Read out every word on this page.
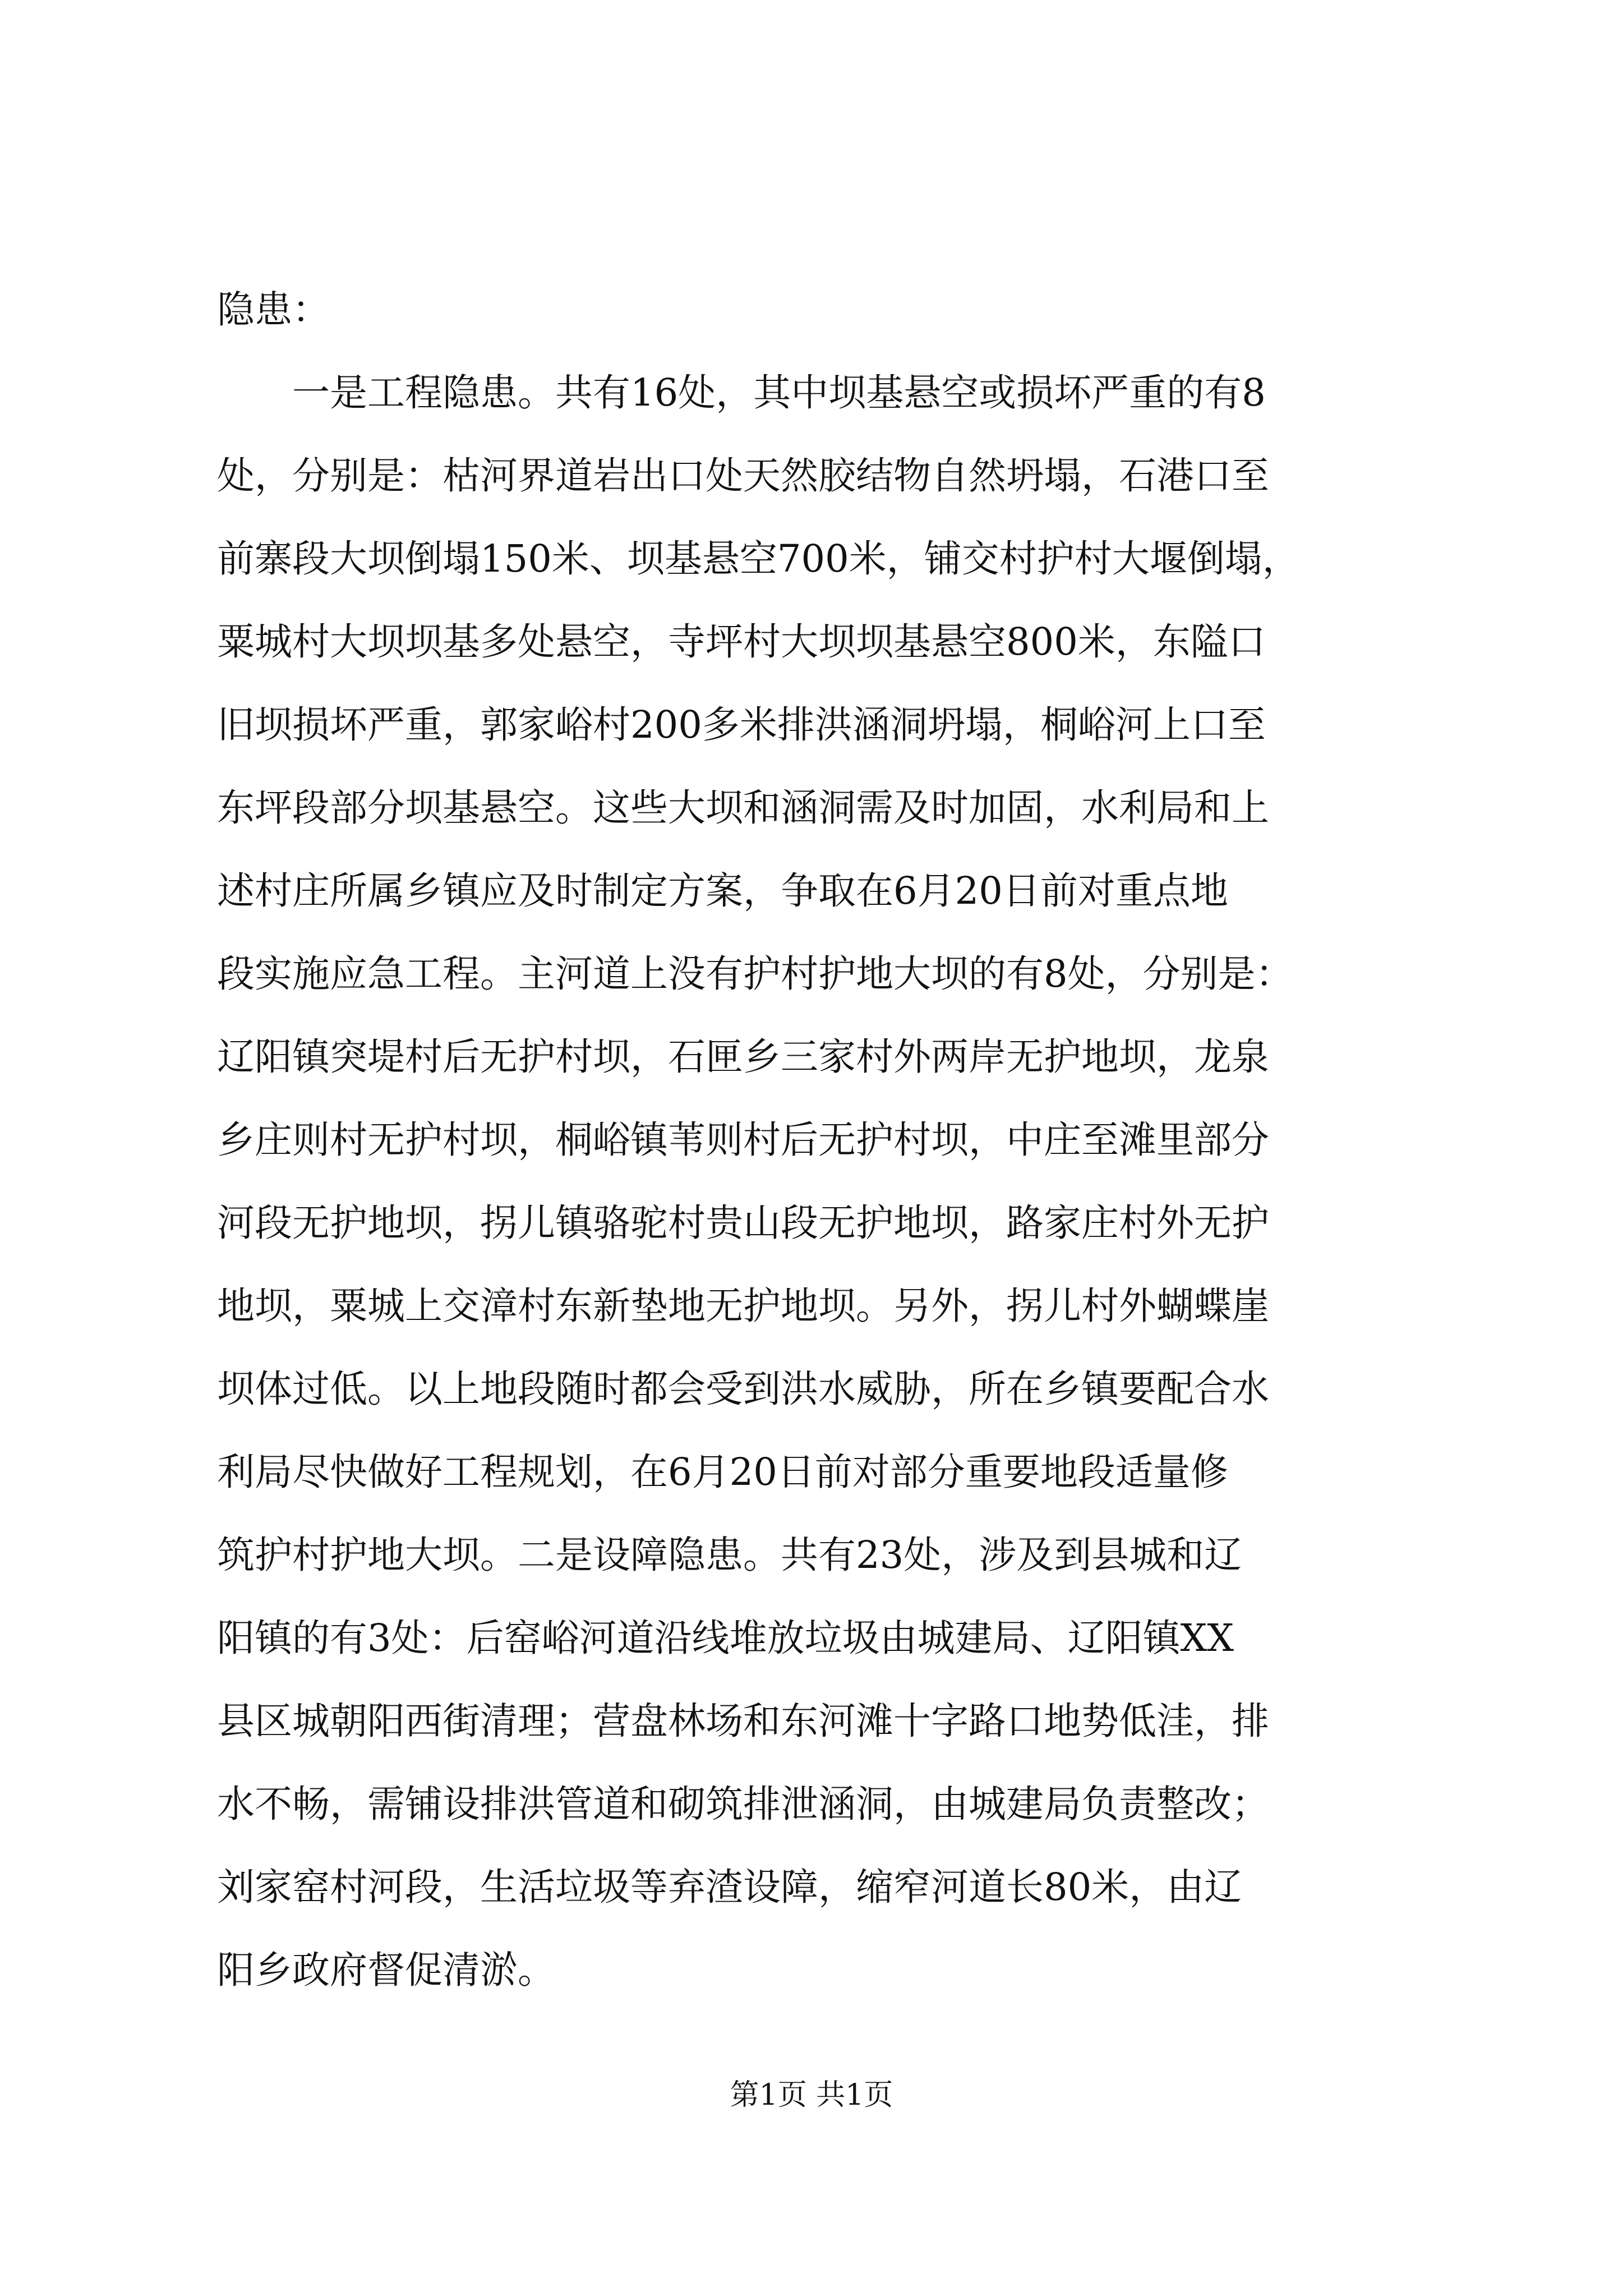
隐患：
　　一是工程隐患。共有16处，其中坝基悬空或损坏严重的有8
处，分别是：枯河界道岩出口处天然胶结物自然坍塌，石港口至
前寨段大坝倒塌150米、坝基悬空700米，铺交村护村大堰倒塌，
粟城村大坝坝基多处悬空，寺坪村大坝坝基悬空800米，东隘口
旧坝损坏严重，郭家峪村200多米排洪涵洞坍塌，桐峪河上口至
东坪段部分坝基悬空。这些大坝和涵洞需及时加固，水利局和上
述村庄所属乡镇应及时制定方案，争取在6月20日前对重点地
段实施应急工程。主河道上没有护村护地大坝的有8处，分别是：
辽阳镇突堤村后无护村坝，石匣乡三家村外两岸无护地坝，龙泉
乡庄则村无护村坝，桐峪镇苇则村后无护村坝，中庄至滩里部分
河段无护地坝，拐儿镇骆驼村贵山段无护地坝，路家庄村外无护
地坝，粟城上交漳村东新垫地无护地坝。另外，拐儿村外蝴蝶崖
坝体过低。以上地段随时都会受到洪水威胁，所在乡镇要配合水
利局尽快做好工程规划，在6月20日前对部分重要地段适量修
筑护村护地大坝。二是设障隐患。共有23处，涉及到县城和辽
阳镇的有3处：后窑峪河道沿线堆放垃圾由城建局、辽阳镇XX
县区城朝阳西街清理；营盘林场和东河滩十字路口地势低洼，排
水不畅，需铺设排洪管道和砌筑排泄涵洞，由城建局负责整改；
刘家窑村河段，生活垃圾等弃渣设障，缩窄河道长80米，由辽
阳乡政府督促清淤。
第1页 共1页
